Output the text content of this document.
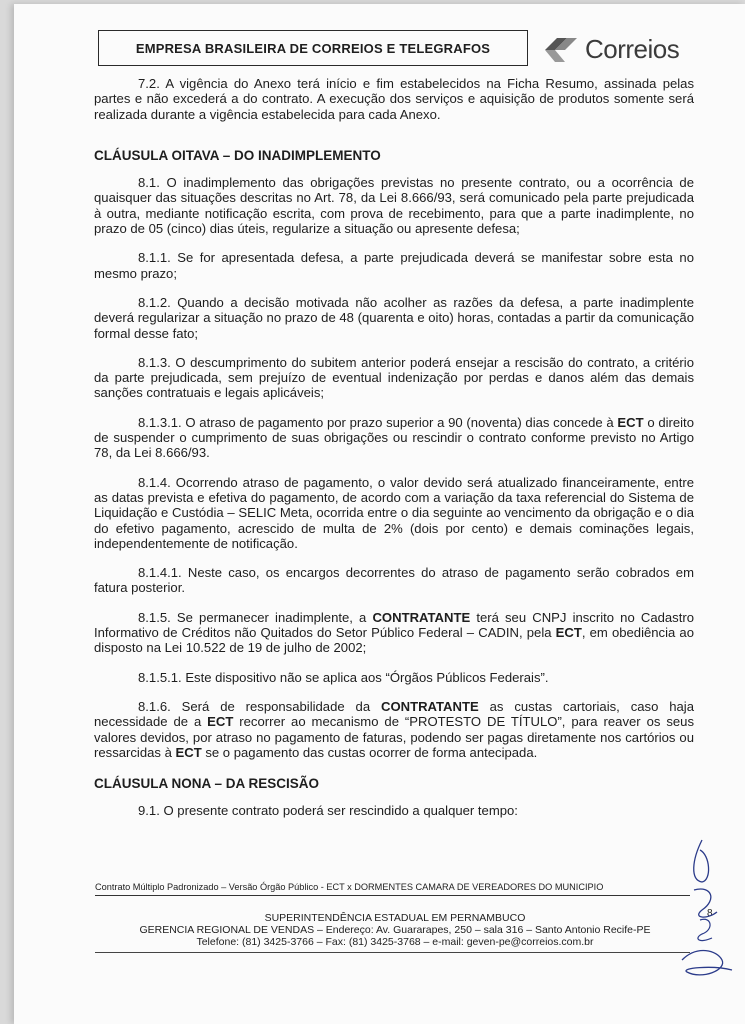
EMPRESA BRASILEIRA DE CORREIOS E TELEGRAFOS	Correios

7.2. A vigência do Anexo terá início e fim estabelecidos na Ficha Resumo, assinada pelas partes e não excederá a do contrato. A execução dos serviços e aquisição de produtos somente será realizada durante a vigência estabelecida para cada Anexo.

CLÁUSULA OITAVA – DO INADIMPLEMENTO

8.1. O inadimplemento das obrigações previstas no presente contrato, ou a ocorrência de quaisquer das situações descritas no Art. 78, da Lei 8.666/93, será comunicado pela parte prejudicada à outra, mediante notificação escrita, com prova de recebimento, para que a parte inadimplente, no prazo de 05 (cinco) dias úteis, regularize a situação ou apresente defesa;

8.1.1. Se for apresentada defesa, a parte prejudicada deverá se manifestar sobre esta no mesmo prazo;

8.1.2. Quando a decisão motivada não acolher as razões da defesa, a parte inadimplente deverá regularizar a situação no prazo de 48 (quarenta e oito) horas, contadas a partir da comunicação formal desse fato;

8.1.3. O descumprimento do subitem anterior poderá ensejar a rescisão do contrato, a critério da parte prejudicada, sem prejuízo de eventual indenização por perdas e danos além das demais sanções contratuais e legais aplicáveis;

8.1.3.1. O atraso de pagamento por prazo superior a 90 (noventa) dias concede à ECT o direito de suspender o cumprimento de suas obrigações ou rescindir o contrato conforme previsto no Artigo 78, da Lei 8.666/93.

8.1.4. Ocorrendo atraso de pagamento, o valor devido será atualizado financeiramente, entre as datas prevista e efetiva do pagamento, de acordo com a variação da taxa referencial do Sistema de Liquidação e Custódia – SELIC Meta, ocorrida entre o dia seguinte ao vencimento da obrigação e o dia do efetivo pagamento, acrescido de multa de 2% (dois por cento) e demais cominações legais, independentemente de notificação.

8.1.4.1. Neste caso, os encargos decorrentes do atraso de pagamento serão cobrados em fatura posterior.

8.1.5. Se permanecer inadimplente, a CONTRATANTE terá seu CNPJ inscrito no Cadastro Informativo de Créditos não Quitados do Setor Público Federal – CADIN, pela ECT, em obediência ao disposto na Lei 10.522 de 19 de julho de 2002;

8.1.5.1. Este dispositivo não se aplica aos “Órgãos Públicos Federais”.

8.1.6. Será de responsabilidade da CONTRATANTE as custas cartoriais, caso haja necessidade de a ECT recorrer ao mecanismo de “PROTESTO DE TÍTULO”, para reaver os seus valores devidos, por atraso no pagamento de faturas, podendo ser pagas diretamente nos cartórios ou ressarcidas à ECT se o pagamento das custas ocorrer de forma antecipada.

CLÁUSULA NONA – DA RESCISÃO

9.1. O presente contrato poderá ser rescindido a qualquer tempo:

Contrato Múltiplo Padronizado – Versão Órgão Público - ECT x DORMENTES CAMARA DE VEREADORES DO MUNICIPIO
8
SUPERINTENDÊNCIA ESTADUAL EM PERNAMBUCO
GERENCIA REGIONAL DE VENDAS – Endereço: Av. Guararapes, 250 – sala 316 – Santo Antonio Recife-PE
Telefone: (81) 3425-3766 – Fax: (81) 3425-3768 – e-mail: geven-pe@correios.com.br
